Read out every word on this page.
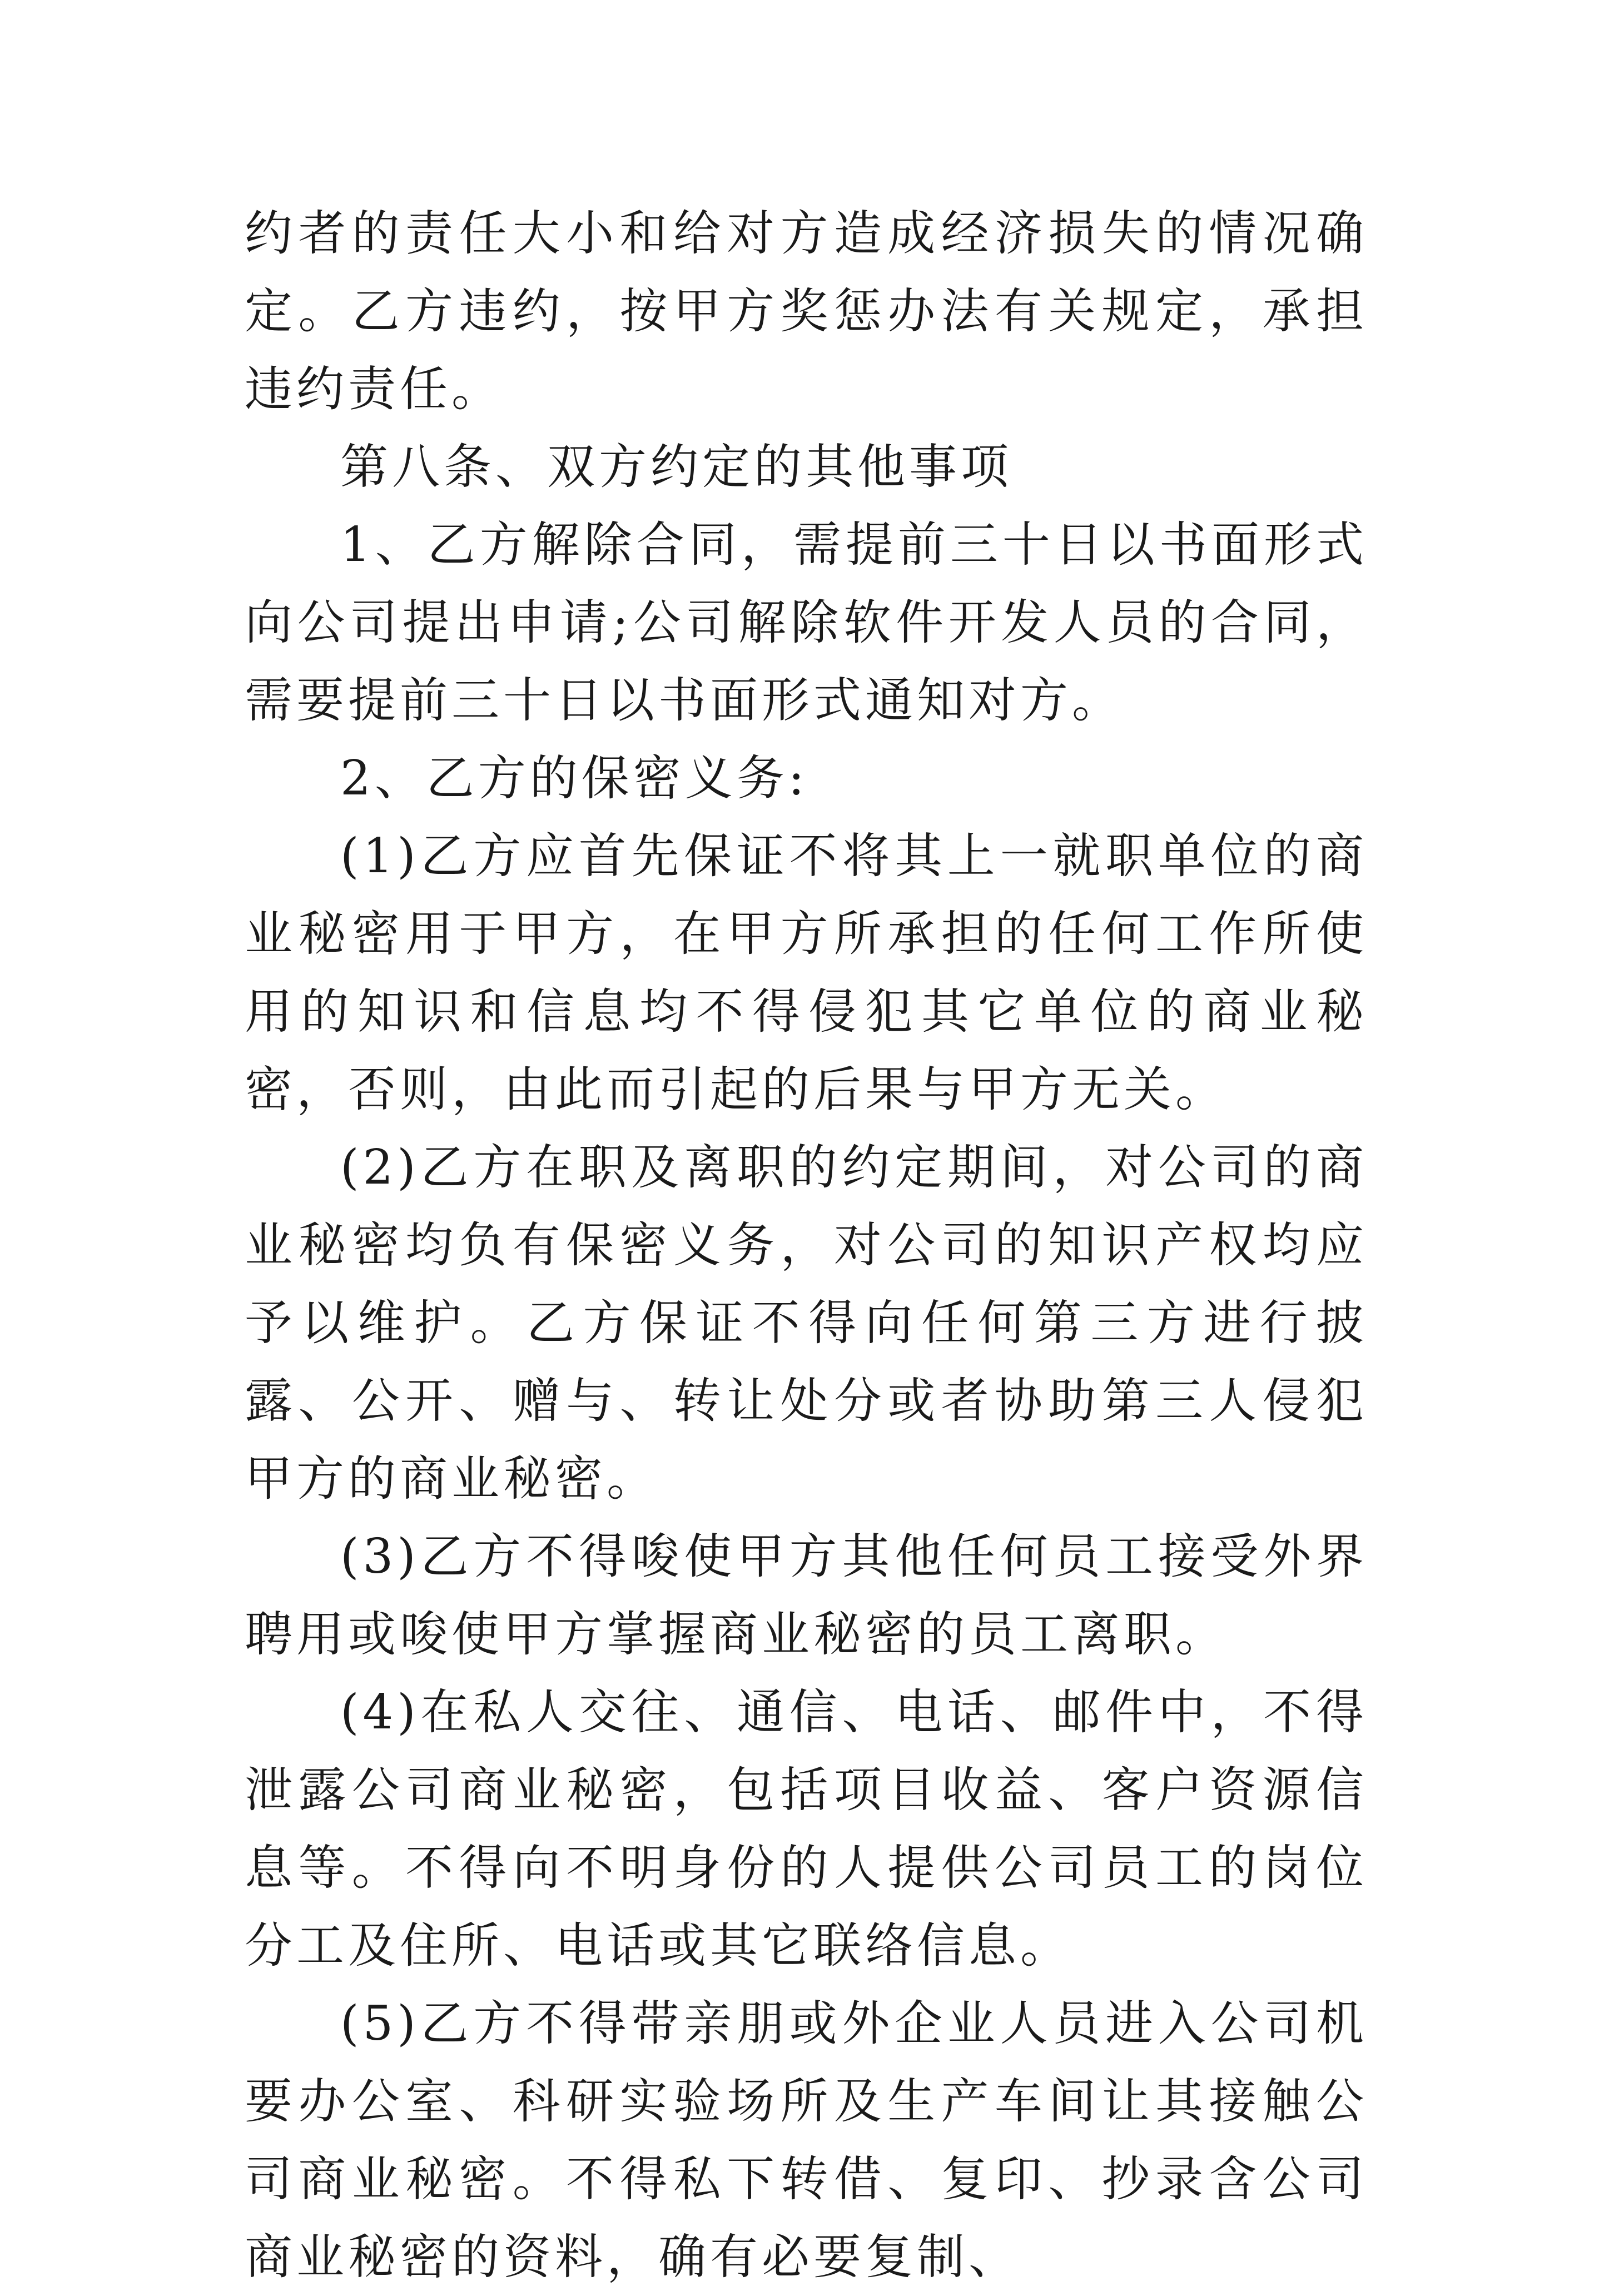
约者的责任大小和给对方造成经济损失的情况确定。乙方违约，按甲方奖惩办法有关规定，承担违约责任。

第八条、双方约定的其他事项

1、乙方解除合同，需提前三十日以书面形式向公司提出申请;公司解除软件开发人员的合同，需要提前三十日以书面形式通知对方。

2、乙方的保密义务:

(1)乙方应首先保证不将其上一就职单位的商业秘密用于甲方，在甲方所承担的任何工作所使用的知识和信息均不得侵犯其它单位的商业秘密，否则，由此而引起的后果与甲方无关。

(2)乙方在职及离职的约定期间，对公司的商业秘密均负有保密义务，对公司的知识产权均应予以维护。乙方保证不得向任何第三方进行披露、公开、赠与、转让处分或者协助第三人侵犯甲方的商业秘密。

(3)乙方不得唆使甲方其他任何员工接受外界聘用或唆使甲方掌握商业秘密的员工离职。

(4)在私人交往、通信、电话、邮件中，不得泄露公司商业秘密，包括项目收益、客户资源信息等。不得向不明身份的人提供公司员工的岗位分工及住所、电话或其它联络信息。

(5)乙方不得带亲朋或外企业人员进入公司机要办公室、科研实验场所及生产车间让其接触公司商业秘密。不得私下转借、复印、抄录含公司商业秘密的资料，确有必要复制、
